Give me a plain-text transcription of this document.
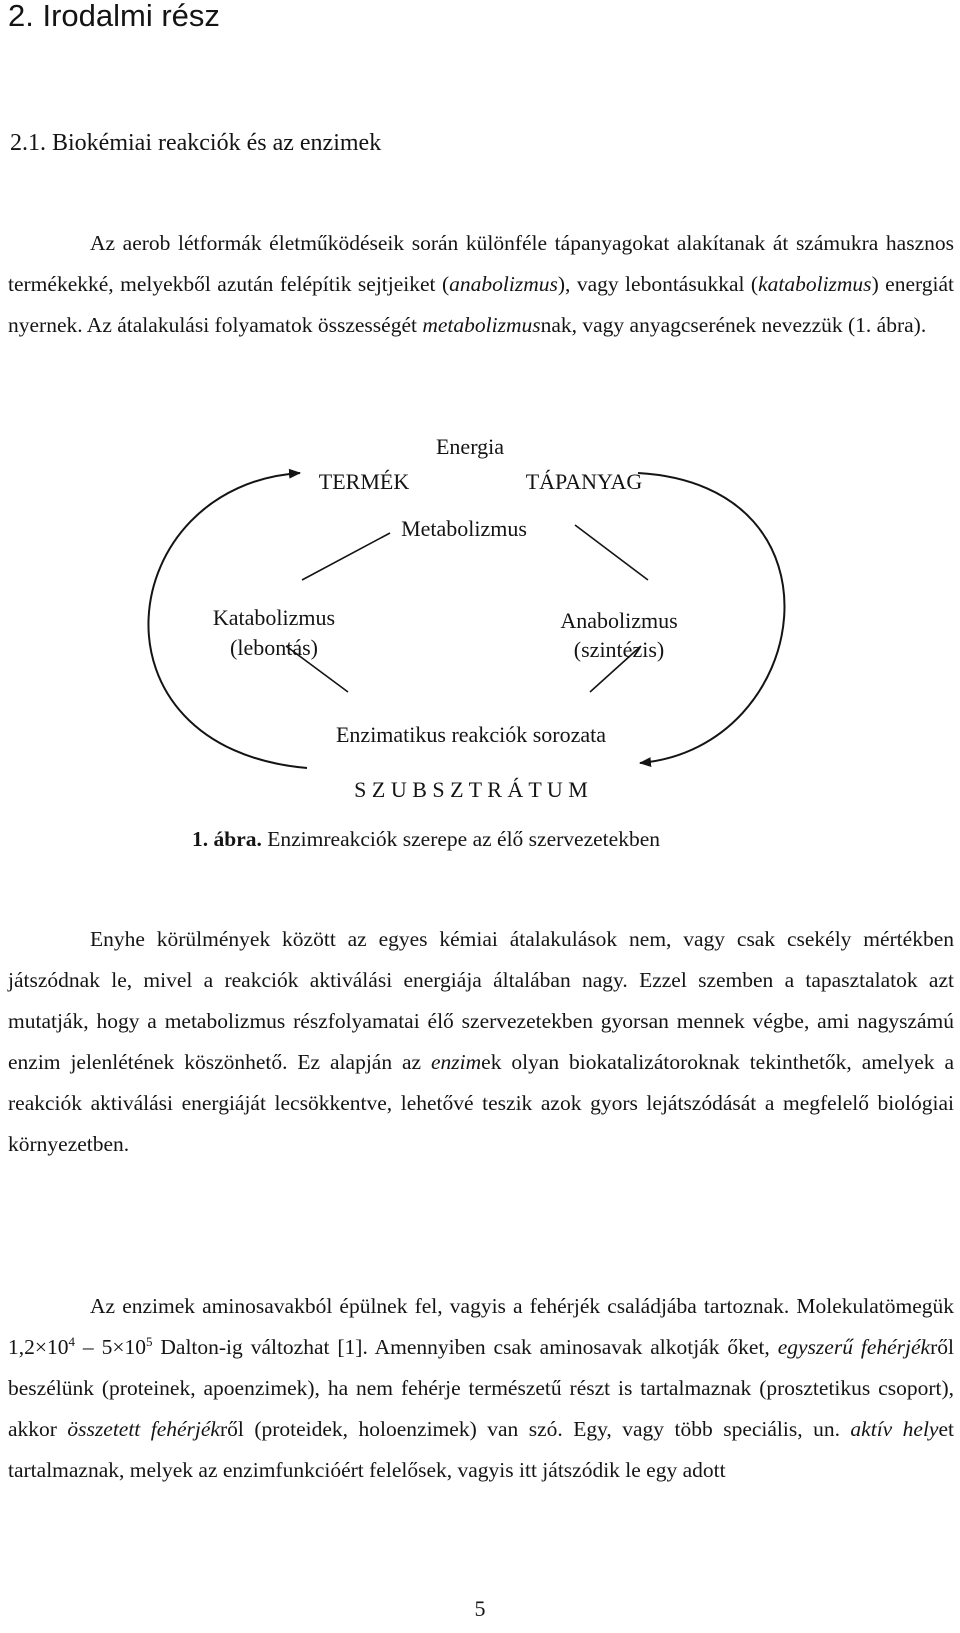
2. Irodalmi rész
2.1. Biokémiai reakciók és az enzimek

Az aerob létformák életműködéseik során különféle tápanyagokat alakítanak át számukra hasznos termékekké, melyekből azután felépítik sejtjeiket (anabolizmus), vagy lebontásukkal (katabolizmus) energiát nyernek. Az átalakulási folyamatok összességét metabolizmusnak, vagy anyagcserének nevezzük (1. ábra).

Energia
TERMÉK	TÁPANYAG
Metabolizmus
Katabolizmus
(lebontás)
Anabolizmus
(szintézis)
Enzimatikus reakciók sorozata
S Z U B S Z T R Á T U M

1. ábra. Enzimreakciók szerepe az élő szervezetekben

Enyhe körülmények között az egyes kémiai átalakulások nem, vagy csak csekély mértékben játszódnak le, mivel a reakciók aktiválási energiája általában nagy. Ezzel szemben a tapasztalatok azt mutatják, hogy a metabolizmus részfolyamatai élő szervezetekben gyorsan mennek végbe, ami nagyszámú enzim jelenlétének köszönhető. Ez alapján az enzimek olyan biokatalizátoroknak tekinthetők, amelyek a reakciók aktiválási energiáját lecsökkentve, lehetővé teszik azok gyors lejátszódását a megfelelő biológiai környezetben.

Az enzimek aminosavakból épülnek fel, vagyis a fehérjék családjába tartoznak. Molekulatömegük $1,2\times 10^4 - 5\times 10^5$ Dalton-ig változhat [1]. Amennyiben csak aminosavak alkotják őket, egyszerű fehérjékről beszélünk (proteinek, apoenzimek), ha nem fehérje természetű részt is tartalmaznak (prosztetikus csoport), akkor összetett fehérjékről (proteidek, holoenzimek) van szó. Egy, vagy több speciális, un. aktív helyet tartalmaznak, melyek az enzimfunkcióért felelősek, vagyis itt játszódik le egy adott

5
